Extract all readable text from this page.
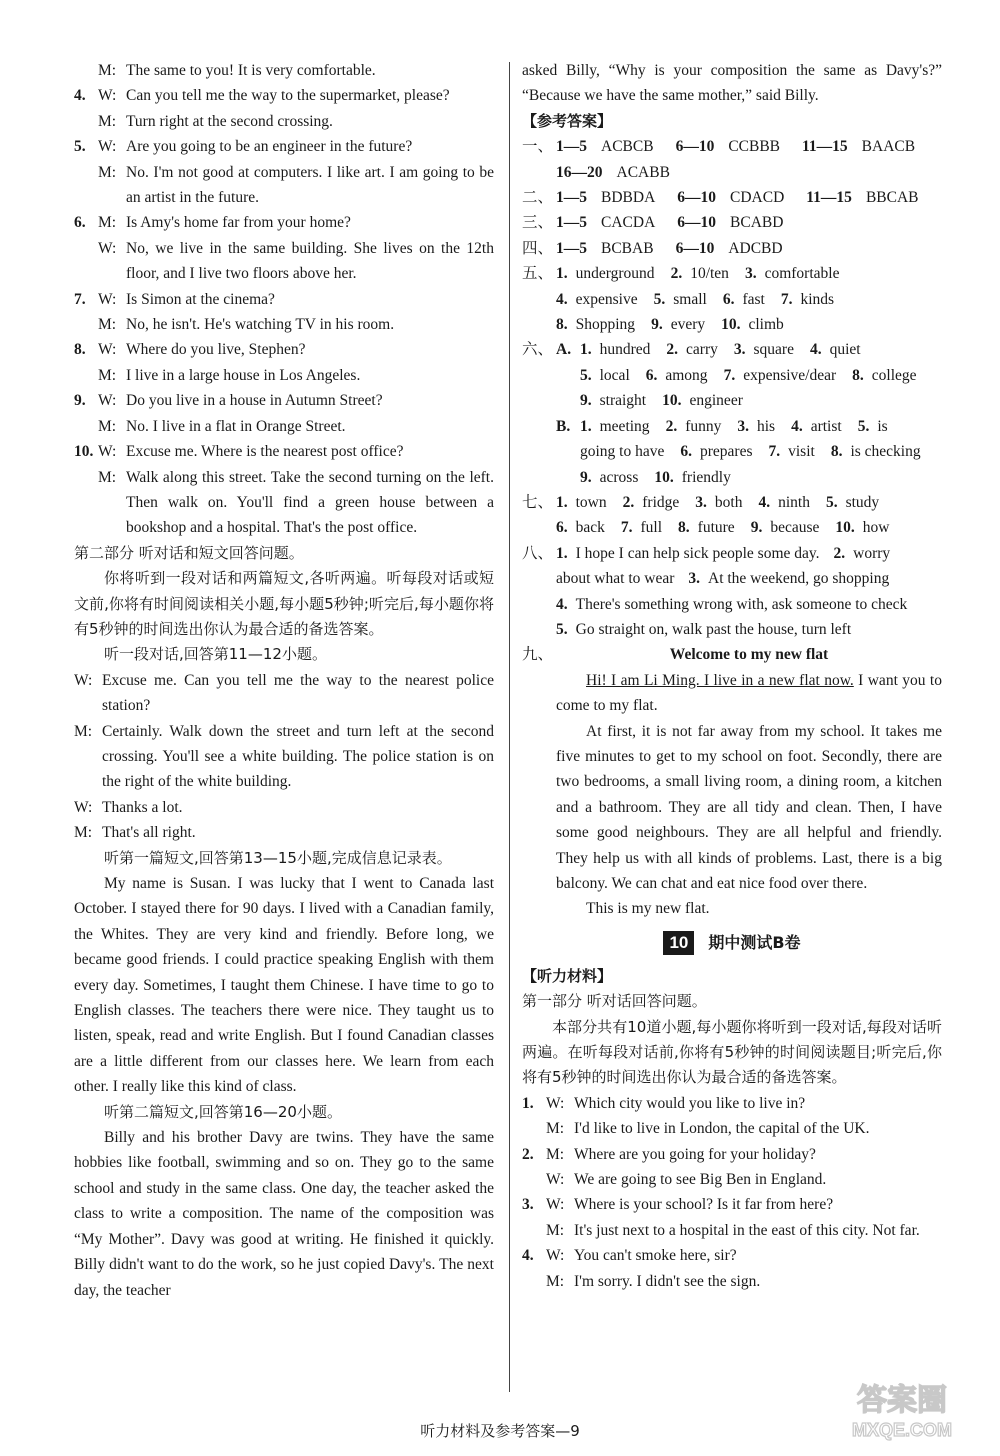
M: The same to you! It is very comfortable.
4. W: Can you tell me the way to the supermarket, please?
M: Turn right at the second crossing.
5. W: Are you going to be an engineer in the future?
M: No. I'm not good at computers. I like art. I am going to be an artist in the future.
6. M: Is Amy's home far from your home?
W: No, we live in the same building. She lives on the 12th floor, and I live two floors above her.
7. W: Is Simon at the cinema?
M: No, he isn't. He's watching TV in his room.
8. W: Where do you live, Stephen?
M: I live in a large house in Los Angeles.
9. W: Do you live in a house in Autumn Street?
M: No. I live in a flat in Orange Street.
10. W: Excuse me. Where is the nearest post office?
M: Walk along this street. Take the second turning on the left. Then walk on. You'll find a green house between a bookshop and a hospital. That's the post office.
第二部分 听对话和短文回答问题。
你将听到一段对话和两篇短文,各听两遍。听每段对话或短文前,你将有时间阅读相关小题,每小题5秒钟;听完后,每小题你将有5秒钟的时间选出你认为最合适的备选答案。
听一段对话,回答第11—12小题。
W: Excuse me. Can you tell me the way to the nearest police station?
M: Certainly. Walk down the street and turn left at the second crossing. You'll see a white building. The police station is on the right of the white building.
W: Thanks a lot.
M: That's all right.
听第一篇短文,回答第13—15小题,完成信息记录表。
My name is Susan. I was lucky that I went to Canada last October. I stayed there for 90 days. I lived with a Canadian family, the Whites. They are very kind and friendly. Before long, we became good friends. I could practice speaking English with them every day. Sometimes, I taught them Chinese. I have time to go to English classes. The teachers there were nice. They taught us to listen, speak, read and write English. But I found Canadian classes are a little different from our classes here. We learn from each other. I really like this kind of class.
听第二篇短文,回答第16—20小题。
Billy and his brother Davy are twins. They have the same hobbies like football, swimming and so on. They go to the same school and study in the same class. One day, the teacher asked the class to write a composition. The name of the composition was “My Mother”. Davy was good at writing. He finished it quickly. Billy didn't want to do the work, so he just copied Davy's. The next day, the teacher
asked Billy, “Why is your composition the same as Davy's?” “Because we have the same mother,” said Billy.
【参考答案】
一、 1—5 ACBCB 6—10 CCBBB 11—15 BAACB
16—20 ACABB
二、 1—5 BDBDA 6—10 CDACD 11—15 BBCAB
三、 1—5 CACDA 6—10 BCABD
四、 1—5 BCBAB 6—10 ADCBD
五、 1. underground 2. 10/ten 3. comfortable
4. expensive 5. small 6. fast 7. kinds
8. Shopping 9. every 10. climb
六、 A. 1. hundred 2. carry 3. square 4. quiet
5. local 6. among 7. expensive/dear 8. college
9. straight 10. engineer
B. 1. meeting 2. funny 3. his 4. artist 5. is
going to have 6. prepares 7. visit 8. is checking
9. across 10. friendly
七、 1. town 2. fridge 3. both 4. ninth 5. study
6. back 7. full 8. future 9. because 10. how
八、 1. I hope I can help sick people some day. 2. worry
about what to wear 3. At the weekend, go shopping
4. There's something wrong with, ask someone to check
5. Go straight on, walk past the house, turn left
九、	Welcome to my new flat
Hi! I am Li Ming. I live in a new flat now. I want you to come to my flat.
At first, it is not far away from my school. It takes me five minutes to get to my school on foot. Secondly, there are two bedrooms, a small living room, a dining room, a kitchen and a bathroom. They are all tidy and clean. Then, I have some good neighbours. They are all helpful and friendly. They help us with all kinds of problems. Last, there is a big balcony. We can chat and eat nice food over there.
This is my new flat.
10	期中测试B卷
【听力材料】
第一部分 听对话回答问题。
本部分共有10道小题,每小题你将听到一段对话,每段对话听两遍。在听每段对话前,你将有5秒钟的时间阅读题目;听完后,你将有5秒钟的时间选出你认为最合适的备选答案。
1. W: Which city would you like to live in?
M: I'd like to live in London, the capital of the UK.
2. M: Where are you going for your holiday?
W: We are going to see Big Ben in England.
3. W: Where is your school? Is it far from here?
M: It's just next to a hospital in the east of this city. Not far.
4. W: You can't smoke here, sir?
M: I'm sorry. I didn't see the sign.
听力材料及参考答案—9
答案圈
MXQE.COM
